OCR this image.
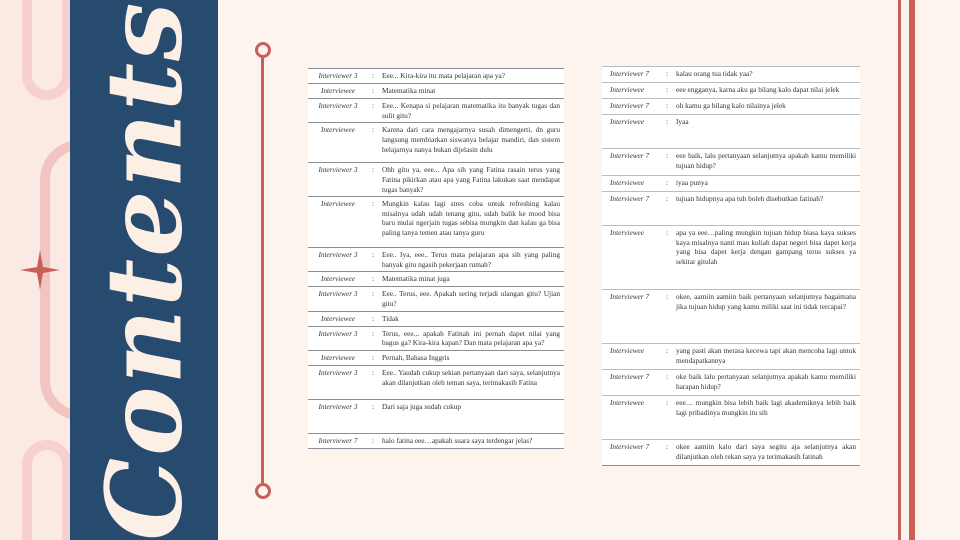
Contents	Interviewer 3	:	Eee... Kira-kira itu mata pelajaran apa ya?
Interviewee	:	Matematika minat
Interviewer 3	:	Eee... Kenapa si pelajaran matematika itu banyak tugas dan sulit gitu?
Interviewee	:	Karena dari cara mengajarnya susah dimengerti, dn guru langsung membiarkan siswanya belajar mandiri, dan sistem belajarnya nanya bukan dijelasin dulu
Interviewer 3	:	Ohh gitu ya, eee... Apa sih yang Fatina rasain terus yang Fatina pikirkan atau apa yang Fatina lakukan saat mendapat tugas banyak?
Interviewee	:	Mungkin kalau lagi stres coba untuk refreshing kalau misalnya udah udah tenang gitu, udah balik ke mood bisa baru mulai ngerjain tugas sebisa mungkin dan kalau ga bisa paling tanya temen atau tanya guru
Interviewer 3	:	Eee.. Iya, eee.. Terus mata pelajaran apa sih yang paling banyak gitu ngasih pekerjaan rumah?
Interviewee	:	Matematika minat juga
Interviewer 3	:	Eee.. Terus, eee. Apakah sering terjadi ulangan gitu? Ujian gitu?
Interviewee	:	Tidak
Interviewer 3	:	Terus, eee... apakah Fatinah ini pernah dapet nilai yang bagus ga? Kira-kira kapan? Dan mata pelajaran apa ya?
Interviewee	:	Pernah, Bahasa Inggris
Interviewer 3	:	Eee.. Yaudah cukup sekian pertanyaan dari saya, selanjutnya akan dilanjutkan oleh teman saya, terimakasih Fatina
Interviewer 3	:	Dari saja juga sudah cukup
Interviewer 7	:	halo fatina eee…apakah suara saya terdengar jelas?
Interviewer 7	:	kalau orang tua tidak yaa?
Interviewee	:	eee engganya, karna aku ga bilang kalo dapat nilai jelek
Interviewer 7	:	oh kamu ga bilang kalo nilainya jelek
Interviewee	:	Iyaa
Interviewer 7	:	eee baik, lalu pertanyaan selanjutnya apakah kamu memiliki tujuan hidup?
Interviewee	:	iyaa punya
Interviewer 7	:	tujuan hidupnya apa tuh boleh disebutkan fatinah?
Interviewee	:	apa ya eee…paling mungkin tujuan hidup biasa kaya sukses kaya misalnya nanti mau kuliah dapat negeri bisa dapet kerja yang bisa dapet kerja dengan gampang terus sukses ya sekitar gitulah
Interviewer 7	:	okee, aamiin aamiin baik pertanyaan selanjutnya bagaimana jika tujuan hidup yang kamu miliki saat ini tidak tercapai?
Interviewee	:	yang pasti akan merasa kecewa tapi akan mencoba lagi untuk mendapatkannya
Interviewer 7	:	oke baik lalu pertanyaan selanjutnya apakah kamu memiliki harapan hidup?
Interviewee	:	eee… mungkin bisa lebih baik lagi akademiknya lebih baik lagi pribadinya mungkin itu sih
Interviewer 7	:	okee aamiin kalo dari saya segitu aja selanjutnya akan dilanjutkan oleh rekan saya ya terimakasih fatinah
